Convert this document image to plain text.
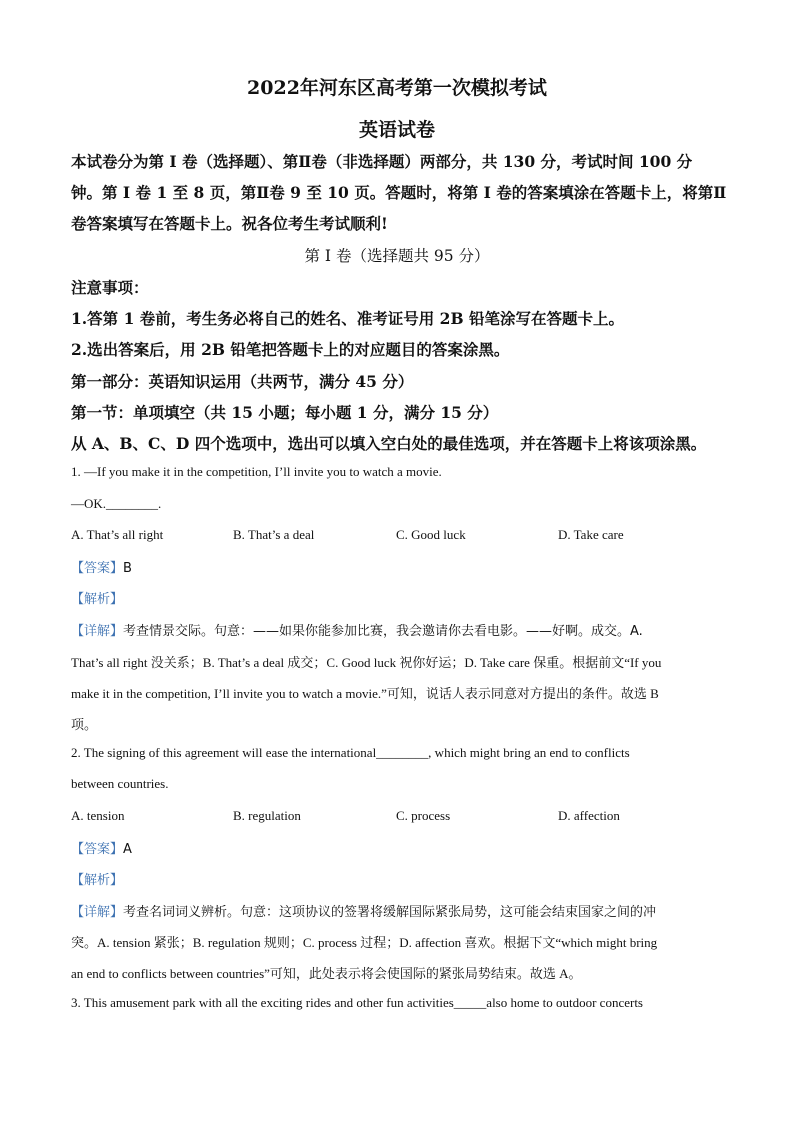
2022年河东区高考第一次模拟考试
英语试卷
本试卷分为第 I 卷（选择题）、第Ⅱ卷（非选择题）两部分，共 130 分，考试时间 100 分
钟。第 I 卷 1 至 8 页，第Ⅱ卷 9 至 10 页。答题时，将第 I 卷的答案填涂在答题卡上，将第Ⅱ
卷答案填写在答题卡上。祝各位考生考试顺利!
第 I 卷（选择题共 95 分）
注意事项：
1.答第 1 卷前，考生务必将自己的姓名、准考证号用 2B 铅笔涂写在答题卡上。
2.选出答案后，用 2B 铅笔把答题卡上的对应题目的答案涂黑。
第一部分：英语知识运用（共两节，满分 45 分）
第一节：单项填空（共 15 小题；每小题 1 分，满分 15 分）
从 A、B、C、D 四个选项中，选出可以填入空白处的最佳选项，并在答题卡上将该项涂黑。
1. —If you make it in the competition, I’ll invite you to watch a movie.
—OK.________.
A. That’s all right	B. That’s a deal	C. Good luck	D. Take care
【答案】B
【解析】
【详解】考查情景交际。句意：——如果你能参加比赛，我会邀请你去看电影。——好啊。成交。A.
That’s all right 没关系；B. That’s a deal 成交；C. Good luck 祝你好运；D. Take care 保重。根据前文“If you
make it in the competition, I’ll invite you to watch a movie.”可知，说话人表示同意对方提出的条件。故选 B
项。
2. The signing of this agreement will ease the international________, which might bring an end to conflicts
between countries.
A. tension	B. regulation	C. process	D. affection
【答案】A
【解析】
【详解】考查名词词义辨析。句意：这项协议的签署将缓解国际紧张局势，这可能会结束国家之间的冲
突。A. tension 紧张；B. regulation 规则；C. process 过程；D. affection 喜欢。根据下文“which might bring
an end to conflicts between countries”可知，此处表示将会使国际的紧张局势结束。故选 A。
3. This amusement park with all the exciting rides and other fun activities_____also home to outdoor concerts
